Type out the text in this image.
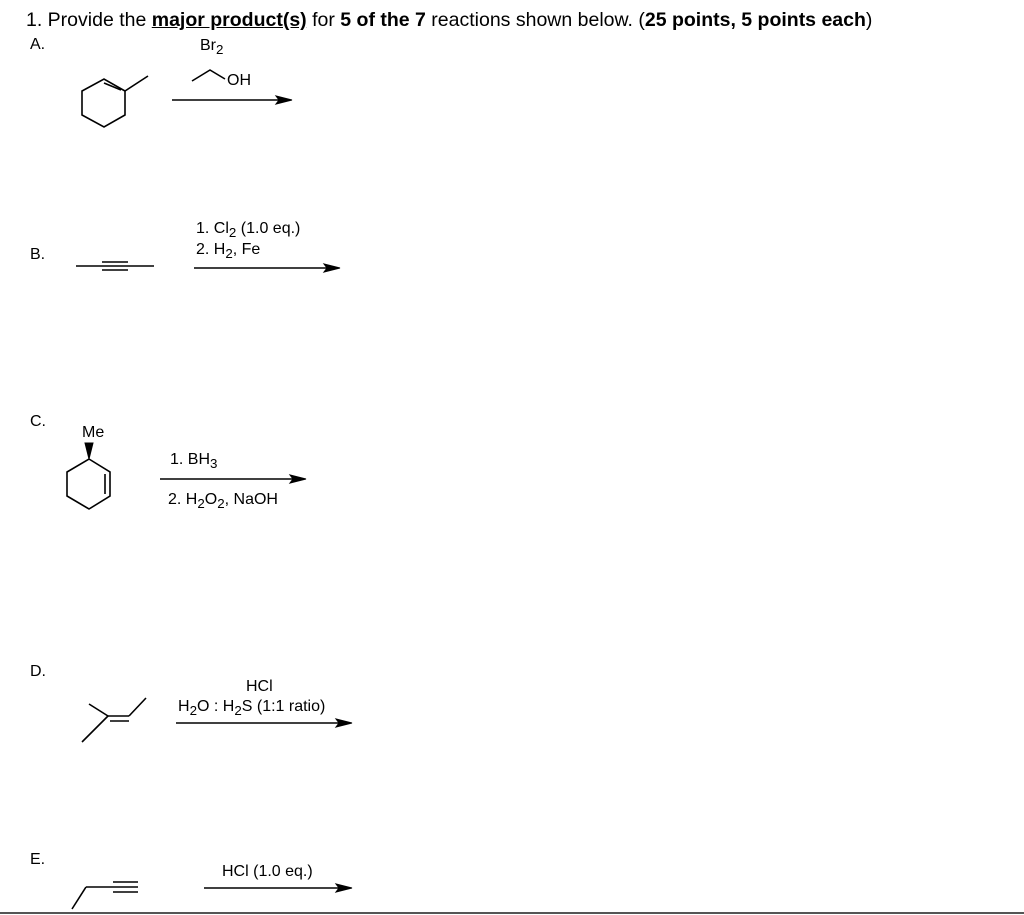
1. Provide the major product(s) for 5 of the 7 reactions shown below. (25 points, 5 points each)
A.	$Br_2$
OH
B.
1. $Cl_2$ (1.0 eq.)
2. $H_2$, Fe
C.
Me
1. $BH_3$
2. $H_2O_2$, NaOH
D.
HCl
$H_2O$ : $H_2S$ (1:1 ratio)
E.
HCl (1.0 eq.)
